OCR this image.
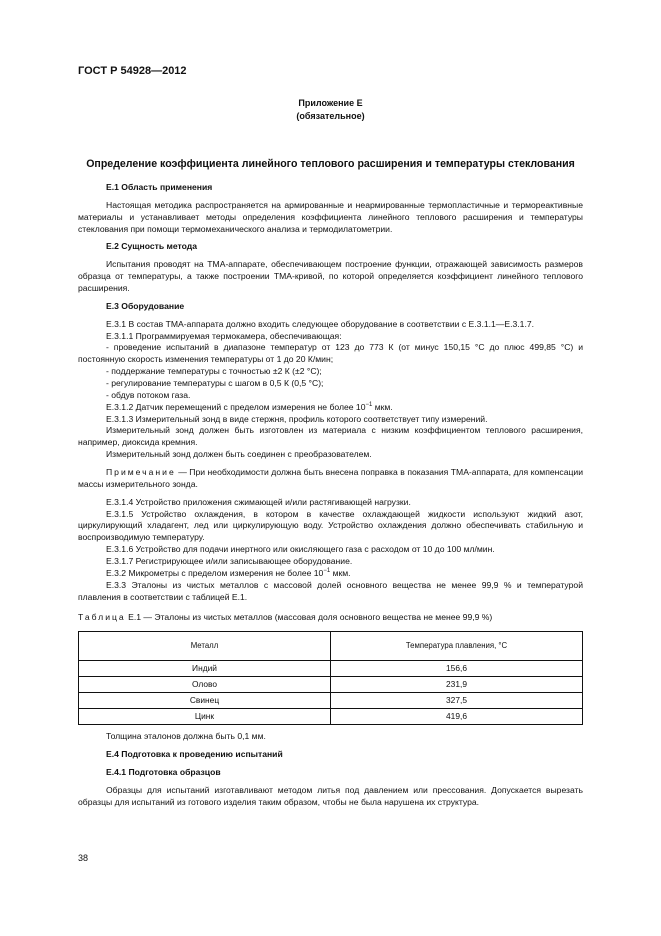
ГОСТ Р 54928—2012
Приложение Е
(обязательное)
Определение коэффициента линейного теплового расширения и температуры стеклования

Е.1 Область применения

Настоящая методика распространяется на армированные и неармированные термопластичные и термореактивные материалы и устанавливает методы определения коэффициента линейного теплового расширения и температуры стеклования при помощи термомеханического анализа и термодилатометрии.

Е.2 Сущность метода

Испытания проводят на ТМА-аппарате, обеспечивающем построение функции, отражающей зависимость размеров образца от температуры, а также построении ТМА-кривой, по которой определяется коэффициент линейного теплового расширения.

Е.3 Оборудование

Е.3.1 В состав ТМА-аппарата должно входить следующее оборудование в соответствии с Е.3.1.1—Е.3.1.7.

Е.3.1.1 Программируемая термокамера, обеспечивающая:

- проведение испытаний в диапазоне температур от 123 до 773 К (от минус 150,15 °С до плюс 499,85 °С) и постоянную скорость изменения температуры от 1 до 20 К/мин;

- поддержание температуры с точностью ±2 К (±2 °С);

- регулирование температуры с шагом в 0,5 К (0,5 °С);

- обдув потоком газа.

Е.3.1.2 Датчик перемещений с пределом измерения не более $10^{-1}$ мкм.

Е.3.1.3 Измерительный зонд в виде стержня, профиль которого соответствует типу измерений.

Измерительный зонд должен быть изготовлен из материала с низким коэффициентом теплового расширения, например, диоксида кремния.

Измерительный зонд должен быть соединен с преобразователем.

Примечание — При необходимости должна быть внесена поправка в показания ТМА-аппарата, для компенсации массы измерительного зонда.

Е.3.1.4 Устройство приложения сжимающей и/или растягивающей нагрузки.

Е.3.1.5 Устройство охлаждения, в котором в качестве охлаждающей жидкости используют жидкий азот, циркулирующий хладагент, лед или циркулирующую воду. Устройство охлаждения должно обеспечивать стабильную и воспроизводимую температуру.

Е.3.1.6 Устройство для подачи инертного или окисляющего газа с расходом от 10 до 100 мл/мин.

Е.3.1.7 Регистрирующее и/или записывающее оборудование.

Е.3.2 Микрометры с пределом измерения не более $10^{-1}$ мкм.

Е.3.3 Эталоны из чистых металлов с массовой долей основного вещества не менее 99,9 % и температурой плавления в соответствии с таблицей Е.1.

Таблица Е.1 — Эталоны из чистых металлов (массовая доля основного вещества не менее 99,9 %)

Металл	Температура плавления, °С
Индий	156,6
Олово	231,9
Свинец	327,5
Цинк	419,6

Толщина эталонов должна быть 0,1 мм.

Е.4 Подготовка к проведению испытаний

Е.4.1 Подготовка образцов

Образцы для испытаний изготавливают методом литья под давлением или прессования. Допускается вырезать образцы для испытаний из готового изделия таким образом, чтобы не была нарушена их структура.

38
